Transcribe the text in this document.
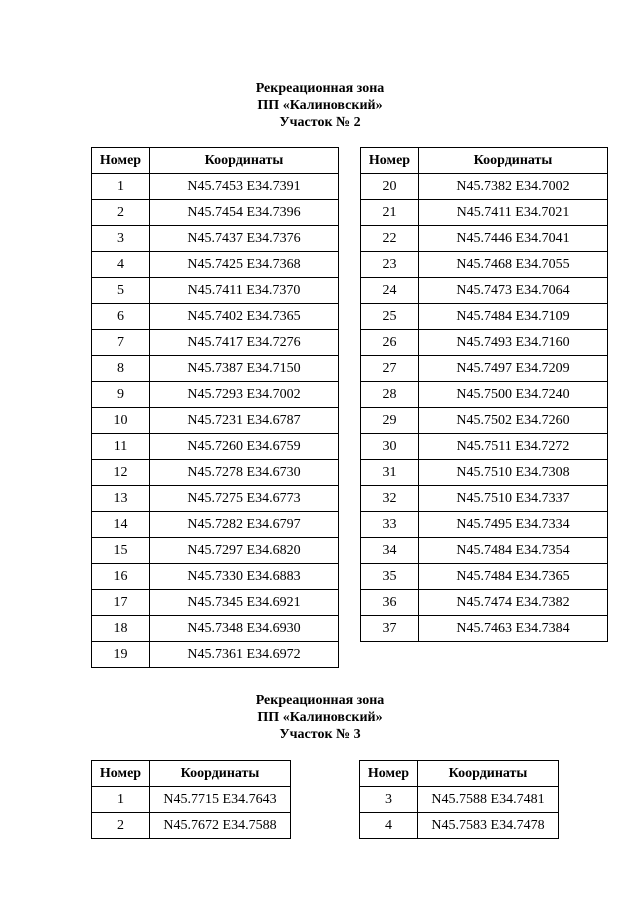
Рекреационная зона
ПП «Калиновский»
Участок № 2
Номер	Координаты
1	N45.7453 E34.7391
2	N45.7454 E34.7396
3	N45.7437 E34.7376
4	N45.7425 E34.7368
5	N45.7411 E34.7370
6	N45.7402 E34.7365
7	N45.7417 E34.7276
8	N45.7387 E34.7150
9	N45.7293 E34.7002
10	N45.7231 E34.6787
11	N45.7260 E34.6759
12	N45.7278 E34.6730
13	N45.7275 E34.6773
14	N45.7282 E34.6797
15	N45.7297 E34.6820
16	N45.7330 E34.6883
17	N45.7345 E34.6921
18	N45.7348 E34.6930
19	N45.7361 E34.6972
Номер	Координаты
20	N45.7382 E34.7002
21	N45.7411 E34.7021
22	N45.7446 E34.7041
23	N45.7468 E34.7055
24	N45.7473 E34.7064
25	N45.7484 E34.7109
26	N45.7493 E34.7160
27	N45.7497 E34.7209
28	N45.7500 E34.7240
29	N45.7502 E34.7260
30	N45.7511 E34.7272
31	N45.7510 E34.7308
32	N45.7510 E34.7337
33	N45.7495 E34.7334
34	N45.7484 E34.7354
35	N45.7484 E34.7365
36	N45.7474 E34.7382
37	N45.7463 E34.7384
Рекреационная зона
ПП «Калиновский»
Участок № 3
Номер	Координаты
1	N45.7715 E34.7643
2	N45.7672 E34.7588
Номер	Координаты
3	N45.7588 E34.7481
4	N45.7583 E34.7478
